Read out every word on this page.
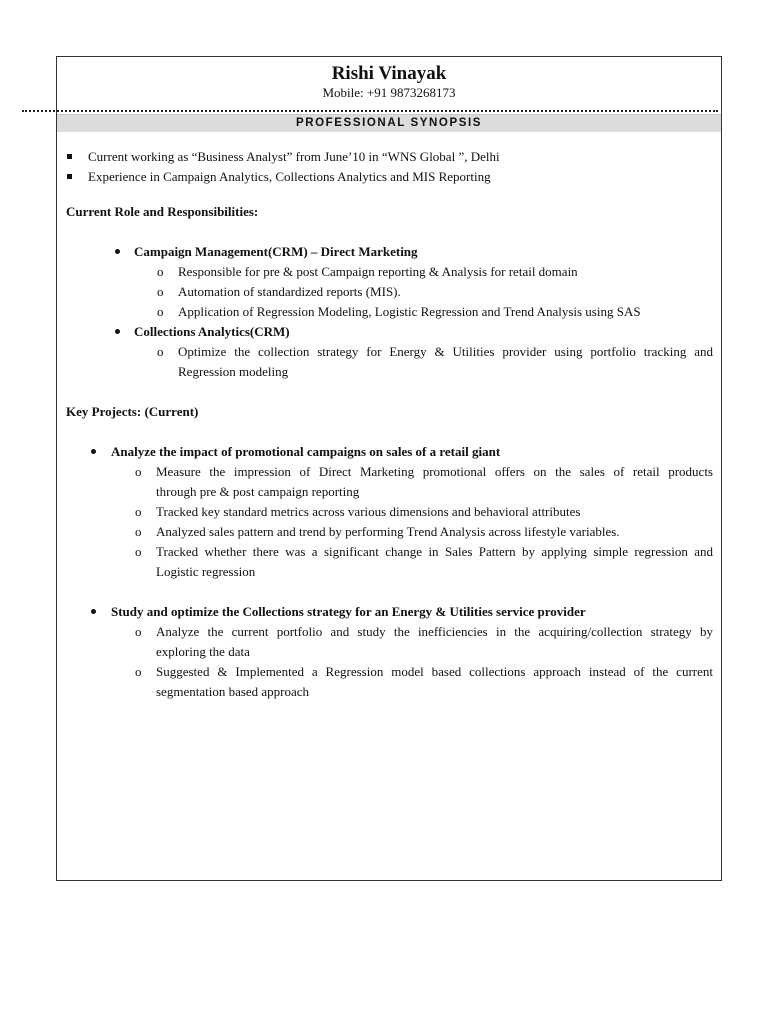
Rishi Vinayak
Mobile: +91 9873268173
PROFESSIONAL SYNOPSIS
Current working as “Business Analyst” from June’10 in “WNS Global ”, Delhi
Experience in Campaign Analytics, Collections Analytics and MIS Reporting
Current Role and Responsibilities:
Campaign Management(CRM) – Direct Marketing
o Responsible for pre & post Campaign reporting & Analysis for retail domain
o Automation of standardized reports (MIS).
o Application of Regression Modeling, Logistic Regression and Trend Analysis using SAS
Collections Analytics(CRM)
o Optimize the collection strategy for Energy & Utilities provider using portfolio tracking and
Regression modeling
Key Projects: (Current)
Analyze the impact of promotional campaigns on sales of a retail giant
o Measure the impression of Direct Marketing promotional offers on the sales of retail products
through pre & post campaign reporting
o Tracked key standard metrics across various dimensions and behavioral attributes
o Analyzed sales pattern and trend by performing Trend Analysis across lifestyle variables.
o Tracked whether there was a significant change in Sales Pattern by applying simple regression and
Logistic regression
Study and optimize the Collections strategy for an Energy & Utilities service provider
o Analyze the current portfolio and study the inefficiencies in the acquiring/collection strategy by
exploring the data
o Suggested & Implemented a Regression model based collections approach instead of the current
segmentation based approach
